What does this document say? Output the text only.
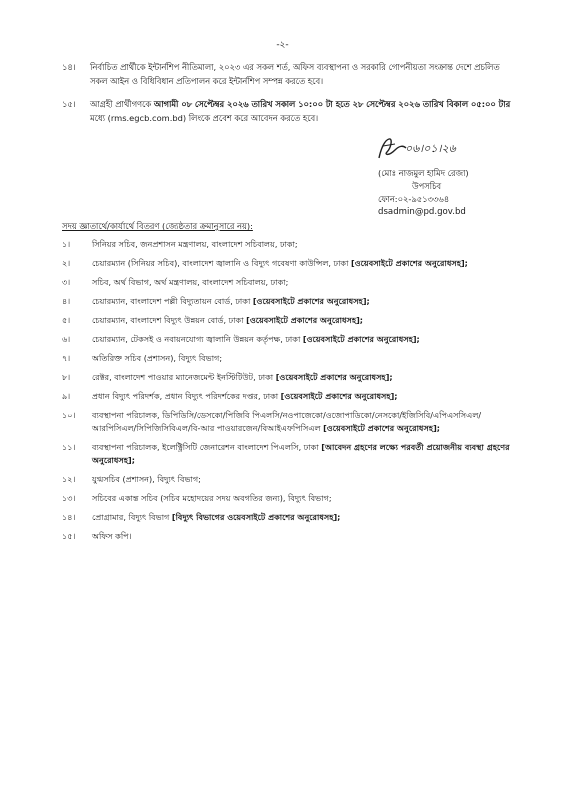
-২-
১৪। নির্বাচিত প্রার্থীকে ইন্টার্নশিপ নীতিমালা, ২০২৩ এর সকল শর্ত, অফিস ব্যবস্থাপনা ও সরকারি গোপনীয়তা সংক্রান্ত দেশে প্রচলিত সকল আইন ও বিধিবিধান প্রতিপালন করে ইন্টার্নশিপ সম্পন্ন করতে হবে।
১৫। আগ্রহী প্রার্থীগণকে আগামী ০৮ সেপ্টেম্বর ২০২৬ তারিখ সকাল ১০:০০ টা হতে ২৮ সেপ্টেম্বর ২০২৬ তারিখ বিকাল ০৫:০০ টার মধ্যে (rms.egcb.com.bd) লিংকে প্রবেশ করে আবেদন করতে হবে।
০৬।০১।২৬
(মোঃ নাজমুল হামিদ রেজা)
উপসচিব
ফোন:০২-৯৫১৩৩৬৪
dsadmin@pd.gov.bd
সদয় জ্ঞাতার্থে/কার্যার্থে বিতরণ (জ্যেষ্ঠতার ক্রমানুসারে নয়):
১।	সিনিয়র সচিব, জনপ্রশাসন মন্ত্রণালয়, বাংলাদেশ সচিবালয়, ঢাকা;
২।	চেয়ারম্যান (সিনিয়র সচিব), বাংলাদেশ জ্বালানি ও বিদ্যুৎ গবেষণা কাউন্সিল, ঢাকা [ওয়েবসাইটে প্রকাশের অনুরোধসহ];
৩।	সচিব, অর্থ বিভাগ, অর্থ মন্ত্রণালয়, বাংলাদেশ সচিবালয়, ঢাকা;
৪।	চেয়ারম্যান, বাংলাদেশ পল্লী বিদ্যুতায়ন বোর্ড, ঢাকা [ওয়েবসাইটে প্রকাশের অনুরোধসহ];
৫।	চেয়ারম্যান, বাংলাদেশ বিদ্যুৎ উন্নয়ন বোর্ড, ঢাকা [ওয়েবসাইটে প্রকাশের অনুরোধসহ];
৬।	চেয়ারম্যান, টেকসই ও নবায়নযোগ্য জ্বালানি উন্নয়ন কর্তৃপক্ষ, ঢাকা [ওয়েবসাইটে প্রকাশের অনুরোধসহ];
৭।	অতিরিক্ত সচিব (প্রশাসন), বিদ্যুৎ বিভাগ;
৮।	রেক্টর, বাংলাদেশ পাওয়ার ম্যানেজমেন্ট ইনস্টিটিউট, ঢাকা [ওয়েবসাইটে প্রকাশের অনুরোধসহ];
৯।	প্রধান বিদ্যুৎ পরিদর্শক, প্রধান বিদ্যুৎ পরিদর্শকের দপ্তর, ঢাকা [ওয়েবসাইটে প্রকাশের অনুরোধসহ];
১০। ব্যবস্থাপনা পরিচালক, ডিপিডিসি/ডেসকো/পিজিবি পিএলসি/নওপাজেকো/ওজোপাডিকো/নেসকো/ইজিসিবি/এপিএসসিএল/আরপিসিএল/সিপিজিসিবিএল/বি-আর পাওয়ারজেন/বিআইএফপিসিএল [ওয়েবসাইটে প্রকাশের অনুরোধসহ];
১১। ব্যবস্থাপনা পরিচালক, ইলেক্ট্রিসিটি জেনারেশন বাংলাদেশ পিএলসি, ঢাকা [আবেদন গ্রহণের লক্ষ্যে পরবর্তী প্রয়োজনীয় ব্যবস্থা গ্রহণের অনুরোধসহ];
১২। যুগ্মসচিব (প্রশাসন), বিদ্যুৎ বিভাগ;
১৩। সচিবের একান্ত সচিব (সচিব মহোদয়ের সদয় অবগতির জন্য), বিদ্যুৎ বিভাগ;
১৪। প্রোগ্রামার, বিদ্যুৎ বিভাগ [বিদ্যুৎ বিভাগের ওয়েবসাইটে প্রকাশের অনুরোধসহ];
১৫। অফিস কপি।
